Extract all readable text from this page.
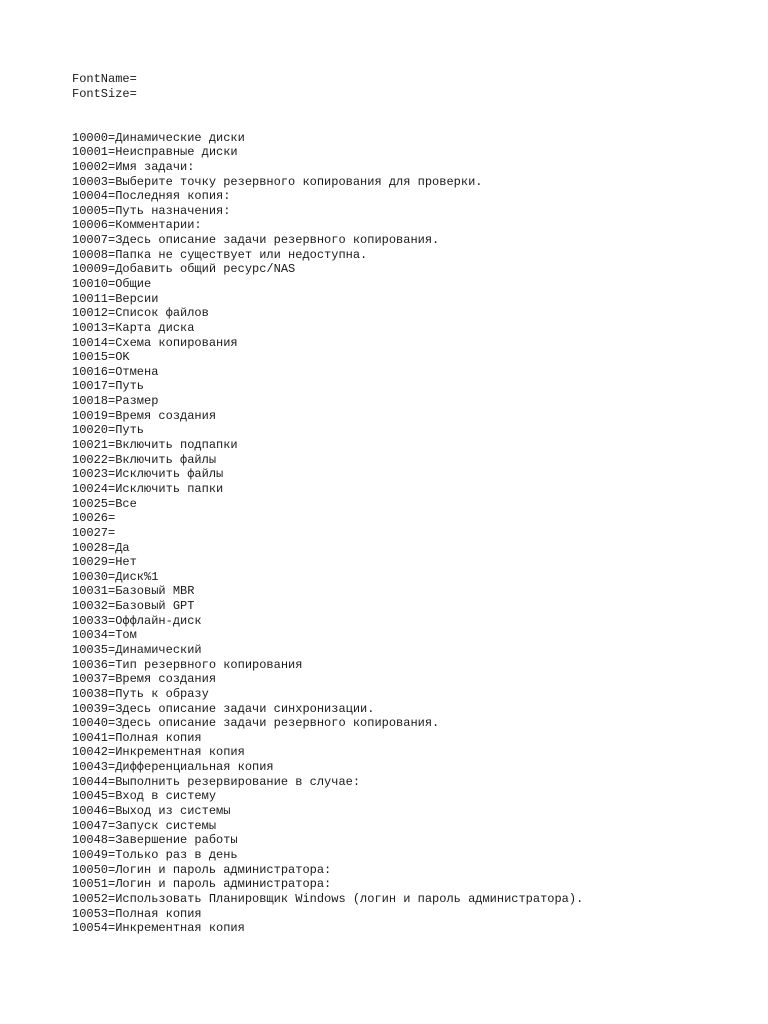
FontName=
FontSize=
10000=Динамические диски
10001=Неисправные диски
10002=Имя задачи:
10003=Выберите точку резервного копирования для проверки.
10004=Последняя копия:
10005=Путь назначения:
10006=Комментарии:
10007=Здесь описание задачи резервного копирования.
10008=Папка не существует или недоступна.
10009=Добавить общий ресурс/NAS
10010=Общие
10011=Версии
10012=Список файлов
10013=Карта диска
10014=Схема копирования
10015=OK
10016=Отмена
10017=Путь
10018=Размер
10019=Время создания
10020=Путь
10021=Включить подпапки
10022=Включить файлы
10023=Исключить файлы
10024=Исключить папки
10025=Все
10026=
10027=
10028=Да
10029=Нет
10030=Диск%1
10031=Базовый MBR
10032=Базовый GPT
10033=Оффлайн-диск
10034=Том
10035=Динамический
10036=Тип резервного копирования
10037=Время создания
10038=Путь к образу
10039=Здесь описание задачи синхронизации.
10040=Здесь описание задачи резервного копирования.
10041=Полная копия
10042=Инкрементная копия
10043=Дифференциальная копия
10044=Выполнить резервирование в случае:
10045=Вход в систему
10046=Выход из системы
10047=Запуск системы
10048=Завершение работы
10049=Только раз в день
10050=Логин и пароль администратора:
10051=Логин и пароль администратора:
10052=Использовать Планировщик Windows (логин и пароль администратора).
10053=Полная копия
10054=Инкрементная копия
